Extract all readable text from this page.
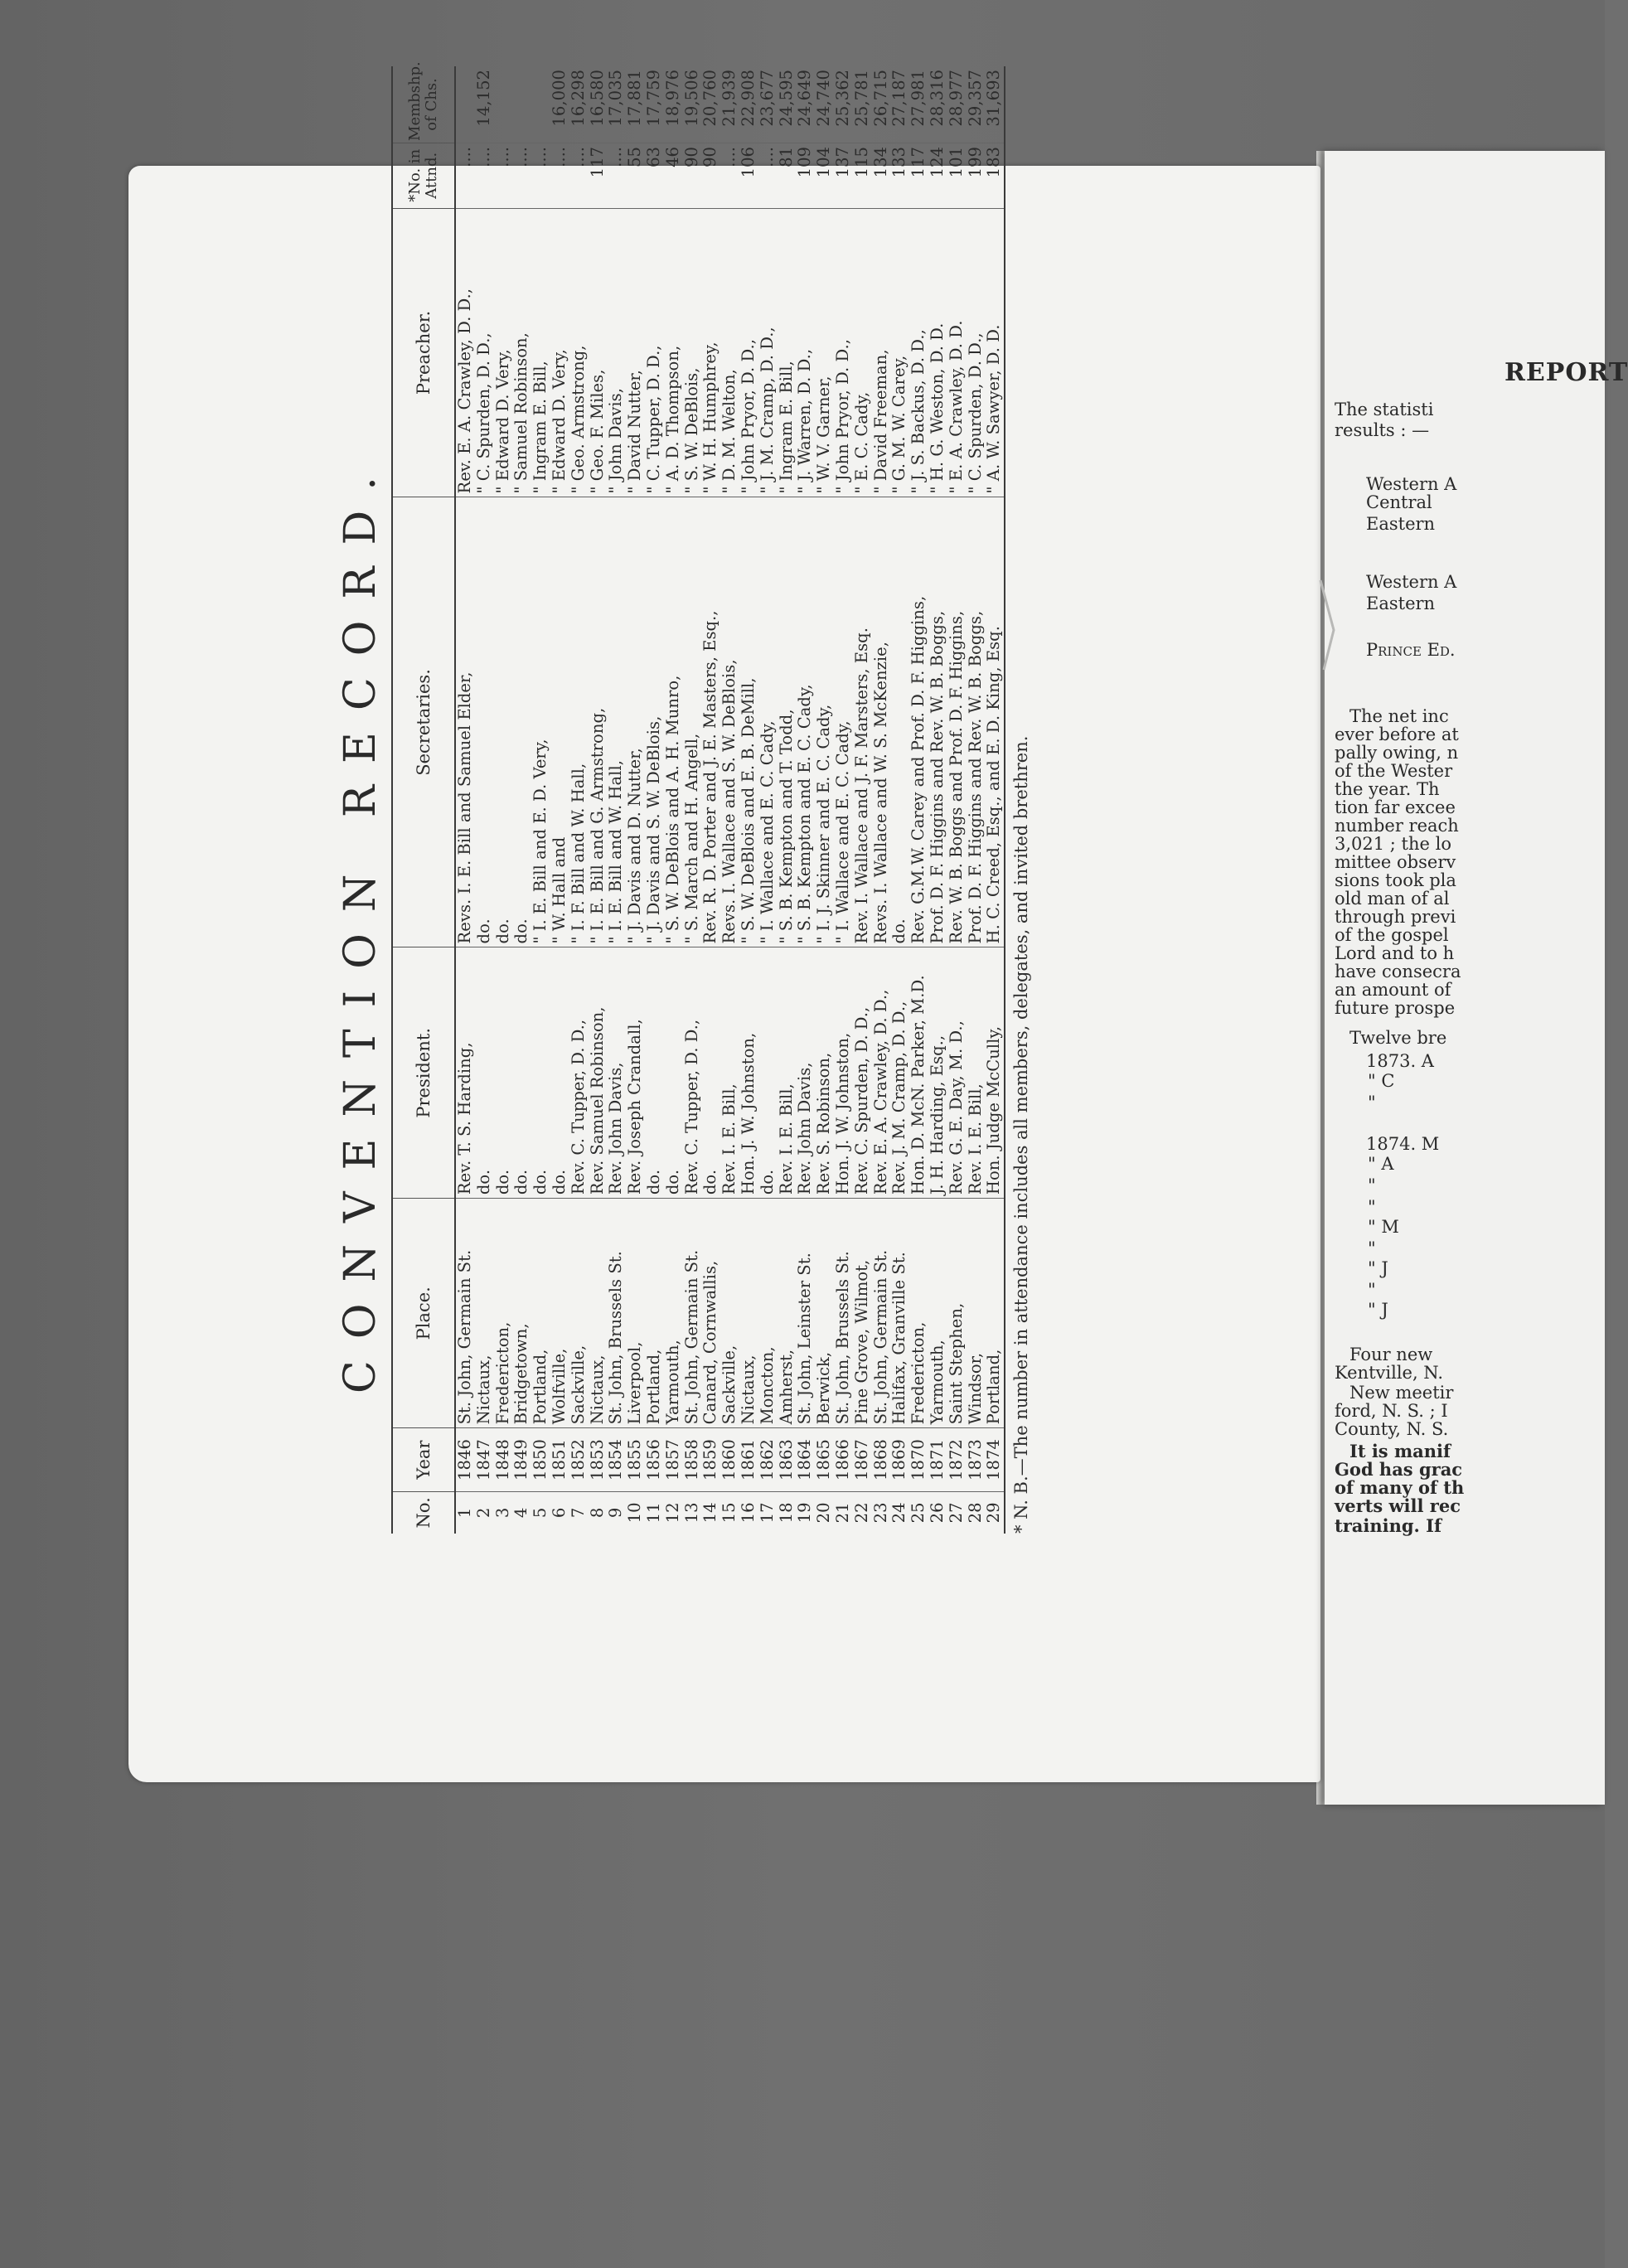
CONVENTION RECORD.
No.	Year	Place.	President.	Secretaries.	Preacher.	*No. in Attnd.	Membshp. of Chs.
1	1846	St. John, Germain St.	Rev. T. S. Harding,	Revs. I. E. Bill and Samuel Elder,	Rev. E. A. Crawley, D. D.,	....	
2	1847	Nictaux,	do.	do.	" C. Spurden, D. D.,	....	14,152
3	1848	Fredericton,	do.	do.	" Edward D. Very,	....	
4	1849	Bridgetown,	do.	do.	" Samuel Robinson,	....	
5	1850	Portland,	do.	" I. E. Bill and E. D. Very,	" Ingram E. Bill,	....	
6	1851	Wolfville,	do.	" W. Hall and	" Edward D. Very,	....	16,000
7	1852	Sackville,	Rev. C. Tupper, D. D.,	" I. F. Bill and W. Hall,	" Geo. Armstrong,	....	16,298
8	1853	Nictaux,	Rev. Samuel Robinson,	" I. E. Bill and G. Armstrong,	" Geo. F. Miles,	117	16,580
9	1854	St. John, Brussels St.	Rev. John Davis,	" I. E. Bill and W. Hall,	" John Davis,	....	17,035
10	1855	Liverpool,	Rev. Joseph Crandall,	" J. Davis and D. Nutter,	" David Nutter,	55	17,881
11	1856	Portland,	do.	" J. Davis and S. W. DeBlois,	" C. Tupper, D. D.,	63	17,759
12	1857	Yarmouth,	do.	" S. W. DeBlois and A. H. Munro,	" A. D. Thompson,	46	18,976
13	1858	St. John, Germain St.	Rev. C. Tupper, D. D.,	" S. March and H. Angell,	" S. W. DeBlois,	90	19,506
14	1859	Canard, Cornwallis,	do.	Rev. R. D. Porter and J. E. Masters, Esq.,	" W. H. Humphrey,	90	20,760
15	1860	Sackville,	Rev. I. E. Bill,	Revs. I. Wallace and S. W. DeBlois,	" D. M. Welton,	....	21,939
16	1861	Nictaux,	Hon. J. W. Johnston,	" S. W. DeBlois and E. B. DeMill,	" John Pryor, D. D.,	106	22,908
17	1862	Moncton,	do.	" I. Wallace and E. C. Cady,	" J. M. Cramp, D. D.,	....	23,677
18	1863	Amherst,	Rev. I. E. Bill,	" S. B. Kempton and T. Todd,	" Ingram E. Bill,	81	24,595
19	1864	St. John, Leinster St.	Rev. John Davis,	" S. B. Kempton and E. C. Cady,	" J. Warren, D. D.,	109	24,649
20	1865	Berwick,	Rev. S. Robinson,	" I. J. Skinner and E. C. Cady,	" W. V. Garner,	104	24,740
21	1866	St. John, Brussels St.	Hon. J. W. Johnston,	" I. Wallace and E. C. Cady,	" John Pryor, D. D.,	137	25,362
22	1867	Pine Grove, Wilmot,	Rev. C. Spurden, D. D.,	Rev. I. Wallace and J. F. Marsters, Esq.	" E. C. Cady,	115	25,781
23	1868	St. John, Germain St.	Rev. E. A. Crawley, D. D.,	Revs. I. Wallace and W. S. McKenzie,	" David Freeman,	134	26,715
24	1869	Halifax, Granville St.	Rev. J. M. Cramp, D. D.,	do.	" G. M. W. Carey,	133	27,187
25	1870	Fredericton,	Hon. D. McN. Parker, M.D.	Rev. G.M.W. Carey and Prof. D. F. Higgins,	" J. S. Backus, D. D.,	117	27,981
26	1871	Yarmouth,	J. H. Harding, Esq.,	Prof. D. F. Higgins and Rev. W. B. Boggs,	" H. G. Weston, D. D.	124	28,316
27	1872	Saint Stephen,	Rev. G. E. Day, M. D.,	Rev. W. B. Boggs and Prof. D. F. Higgins,	" E. A. Crawley, D. D.	101	28,977
28	1873	Windsor,	Rev. I. E. Bill,	Prof. D. F. Higgins and Rev. W. B. Boggs,	" C. Spurden, D. D.,	199	29,357
29	1874	Portland,	Hon. Judge McCully,	H. C. Creed, Esq., and E. D. King, Esq.	" A. W. Sawyer, D. D.	183	31,693
* N. B.—The number in attendance includes all members, delegates, and invited brethren.
REPORT
The statisti
results : —
Western A
Central
Eastern
Western A
Eastern
Prince Ed.
The net inc
ever before at
pally owing, n
of the Wester
the year. Th
tion far excee
number reach
3,021 ; the lo
mittee observ
sions took pla
old man of al
through previ
of the gospel
Lord and to h
have consecra
an amount of
future prospe
Twelve bre
1873. A
" C
"
1874. M
" A
"
"
" M
"
" J
"
" J
Four new
Kentville, N.
New meetir
ford, N. S. ; I
County, N. S.
It is manif
God has grac
of many of th
verts will rec
training. If
